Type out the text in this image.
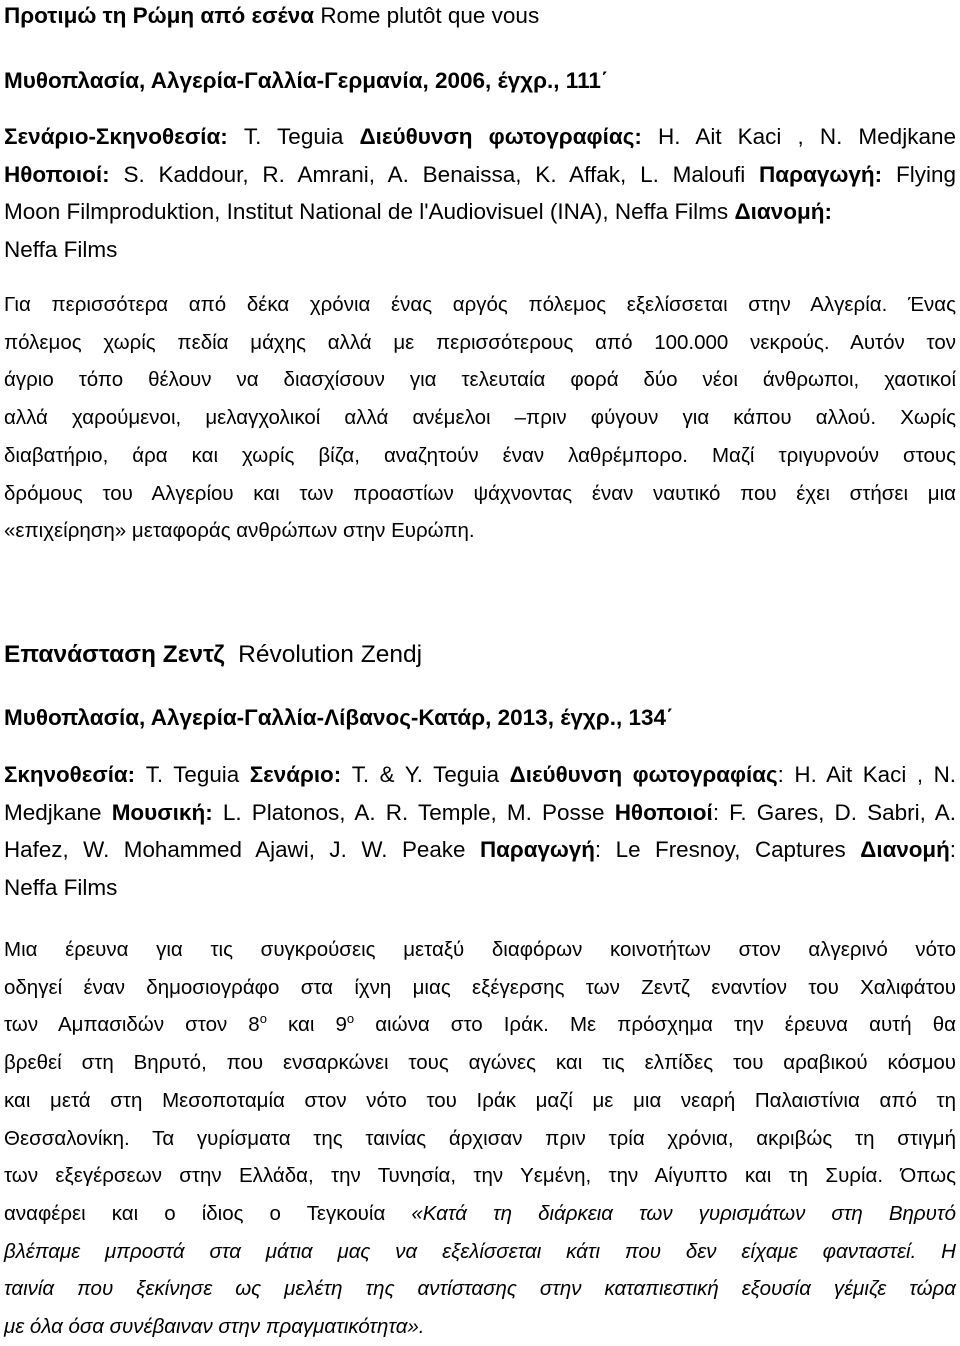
Προτιμώ τη Ρώμη από εσένα Rome plutôt que vous
Μυθοπλασία, Αλγερία-Γαλλία-Γερμανία, 2006, έγχρ., 111΄
Σενάριο-Σκηνοθεσία: T. Teguia Διεύθυνση φωτογραφίας: H. Ait Kaci , N. Medjkane
Ηθοποιοί: S. Kaddour, R. Amrani, A. Benaissa, K. Affak, L. Maloufi Παραγωγή: Flying
Moon Filmproduktion, Institut National de l'Audiovisuel (INA), Neffa Films Διανομή:
Neffa Films
Για περισσότερα από δέκα χρόνια ένας αργός πόλεμος εξελίσσεται στην Αλγερία. Ένας
πόλεμος χωρίς πεδία μάχης αλλά με περισσότερους από 100.000 νεκρούς. Αυτόν τον
άγριο τόπο θέλουν να διασχίσουν για τελευταία φορά δύο νέοι άνθρωποι, χαοτικοί
αλλά χαρούμενοι, μελαγχολικοί αλλά ανέμελοι –πριν φύγουν για κάπου αλλού. Χωρίς
διαβατήριο, άρα και χωρίς βίζα, αναζητούν έναν λαθρέμπορο. Μαζί τριγυρνούν στους
δρόμους του Αλγερίου και των προαστίων ψάχνοντας έναν ναυτικό που έχει στήσει μια
«επιχείρηση» μεταφοράς ανθρώπων στην Ευρώπη.
Επανάσταση Ζεντζ Révolution Zendj
Μυθοπλασία, Αλγερία-Γαλλία-Λίβανος-Κατάρ, 2013, έγχρ., 134΄
Σκηνοθεσία: T. Teguia Σενάριο: T. & Y. Teguia Διεύθυνση φωτογραφίας: H. Ait Kaci , N.
Medjkane Μουσική: L. Platonos, A. R. Temple, M. Posse Ηθοποιοί: F. Gares, D. Sabri, A.
Hafez, W. Mohammed Ajawi, J. W. Peake Παραγωγή: Le Fresnoy, Captures Διανομή:
Neffa Films
Μια έρευνα για τις συγκρούσεις μεταξύ διαφόρων κοινοτήτων στον αλγερινό νότο
οδηγεί έναν δημοσιογράφο στα ίχνη μιας εξέγερσης των Ζεντζ εναντίον του Χαλιφάτου
των Αμπασιδών στον $8^o$ και $9^o$ αιώνα στο Ιράκ. Με πρόσχημα την έρευνα αυτή θα
βρεθεί στη Βηρυτό, που ενσαρκώνει τους αγώνες και τις ελπίδες του αραβικού κόσμου
και μετά στη Μεσοποταμία στον νότο του Ιράκ μαζί με μια νεαρή Παλαιστίνια από τη
Θεσσαλονίκη. Τα γυρίσματα της ταινίας άρχισαν πριν τρία χρόνια, ακριβώς τη στιγμή
των εξεγέρσεων στην Ελλάδα, την Τυνησία, την Υεμένη, την Αίγυπτο και τη Συρία. Όπως
αναφέρει και ο ίδιος ο Τεγκουία «Κατά τη διάρκεια των γυρισμάτων στη Βηρυτό
βλέπαμε μπροστά στα μάτια μας να εξελίσσεται κάτι που δεν είχαμε φανταστεί. Η
ταινία που ξεκίνησε ως μελέτη της αντίστασης στην καταπιεστική εξουσία γέμιζε τώρα
με όλα όσα συνέβαιναν στην πραγματικότητα».
